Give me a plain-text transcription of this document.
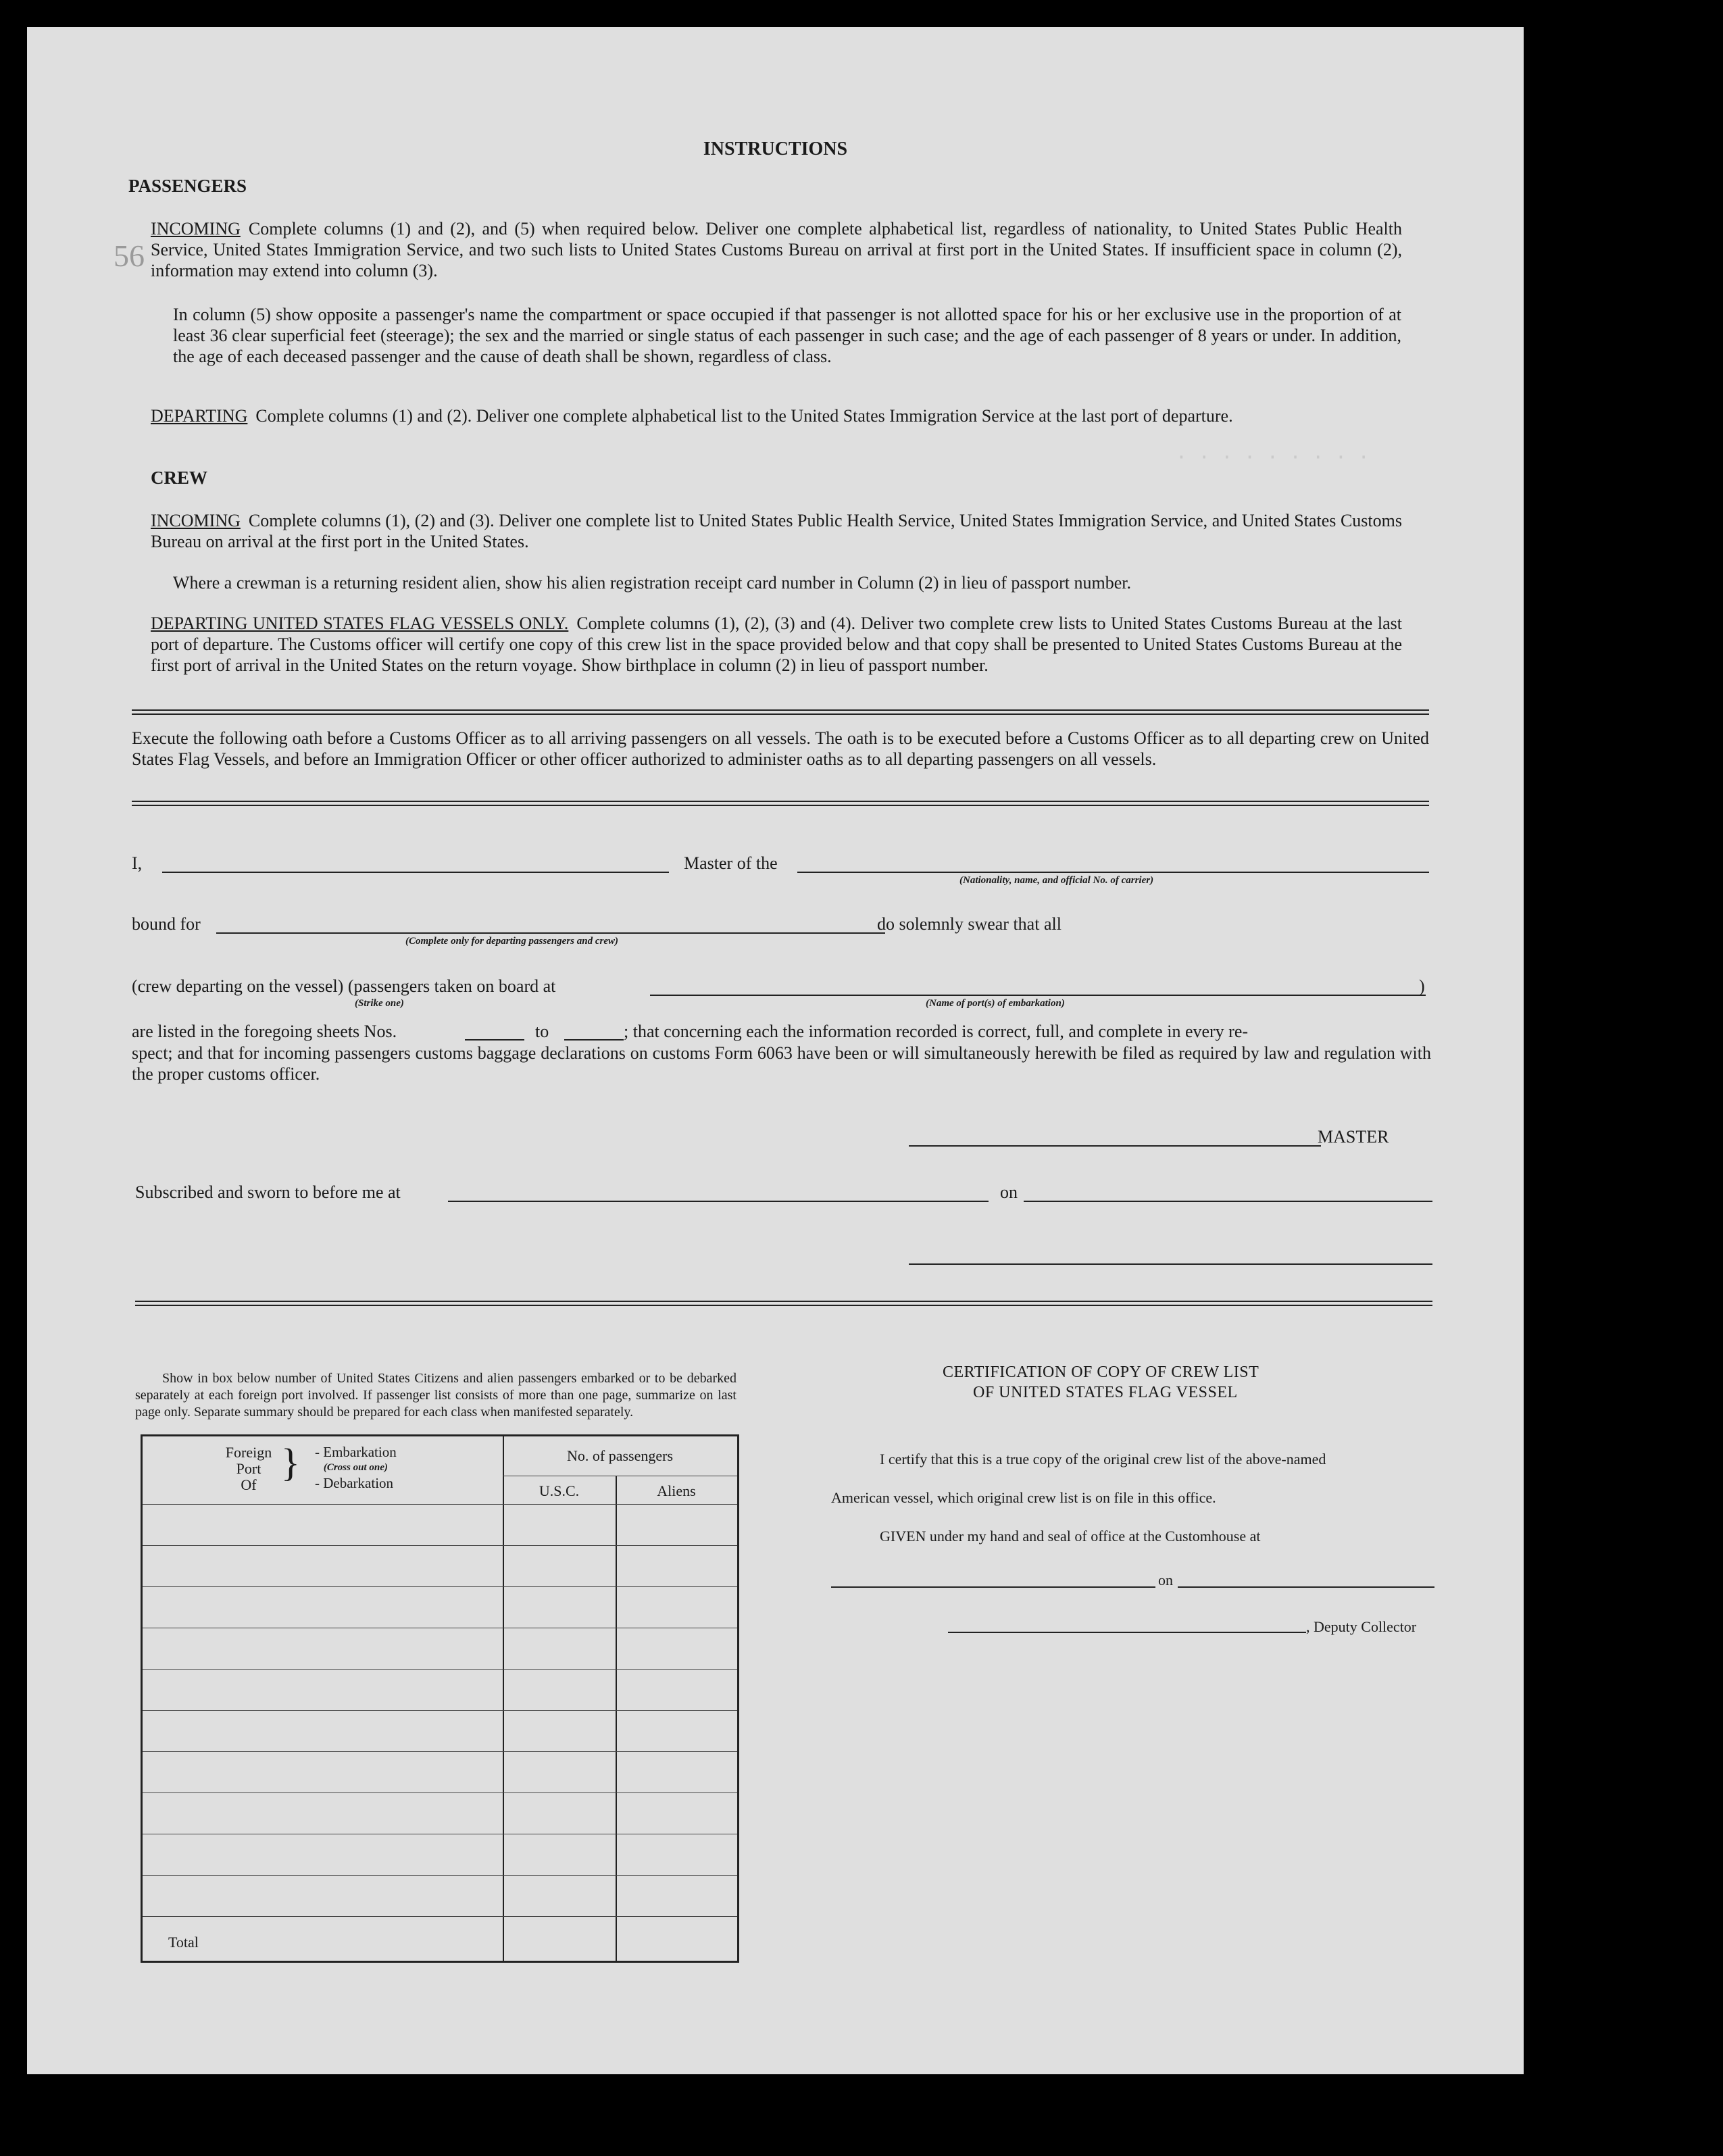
· · · · · · · · ·
56
INSTRUCTIONS
PASSENGERS
INCOMING Complete columns (1) and (2), and (5) when required below. Deliver one complete alphabetical list, regardless of nationality, to United States Public Health Service, United States Immigration Service, and two such lists to United States Customs Bureau on arrival at first port in the United States. If insufficient space in column (2), information may extend into column (3).
In column (5) show opposite a passenger's name the compartment or space occupied if that passenger is not allotted space for his or her exclusive use in the proportion of at least 36 clear superficial feet (steerage); the sex and the married or single status of each passenger in such case; and the age of each passenger of 8 years or under. In addition, the age of each deceased passenger and the cause of death shall be shown, regardless of class.
DEPARTING Complete columns (1) and (2). Deliver one complete alphabetical list to the United States Immigration Service at the last port of departure.
CREW
INCOMING Complete columns (1), (2) and (3). Deliver one complete list to United States Public Health Service, United States Immigration Service, and United States Customs Bureau on arrival at the first port in the United States.
Where a crewman is a returning resident alien, show his alien registration receipt card number in Column (2) in lieu of passport number.
DEPARTING UNITED STATES FLAG VESSELS ONLY. Complete columns (1), (2), (3) and (4). Deliver two complete crew lists to United States Customs Bureau at the last port of departure. The Customs officer will certify one copy of this crew list in the space provided below and that copy shall be presented to United States Customs Bureau at the first port of arrival in the United States on the return voyage. Show birthplace in column (2) in lieu of passport number.
Execute the following oath before a Customs Officer as to all arriving passengers on all vessels. The oath is to be executed before a Customs Officer as to all departing crew on United States Flag Vessels, and before an Immigration Officer or other officer authorized to administer oaths as to all departing passengers on all vessels.
I,	Master of the
(Nationality, name, and official No. of carrier)
bound for
(Complete only for departing passengers and crew)
do solemnly swear that all
(crew departing on the vessel) (passengers taken on board at
(Strike one)
)
(Name of port(s) of embarkation)
are listed in the foregoing sheets Nos.	to	; that concerning each the information recorded is correct, full, and complete in every re-
spect; and that for incoming passengers customs baggage declarations on customs Form 6063 have been or will simultaneously herewith be filed as required by law and regulation with the proper customs officer.
MASTER
Subscribed and sworn to before me at	on
Show in box below number of United States Citizens and alien passengers embarked or to be debarked separately at each foreign port involved. If passenger list consists of more than one page, summarize on last page only. Separate summary should be prepared for each class when manifested separately.
Foreign
Port
Of
} - Embarkation
(Cross out one)
- Debarkation
No. of passengers
U.S.C.	Aliens
Total
CERTIFICATION OF COPY OF CREW LIST
OF UNITED STATES FLAG VESSEL
I certify that this is a true copy of the original crew list of the above-named
American vessel, which original crew list is on file in this office.
GIVEN under my hand and seal of office at the Customhouse at
on
, Deputy Collector
